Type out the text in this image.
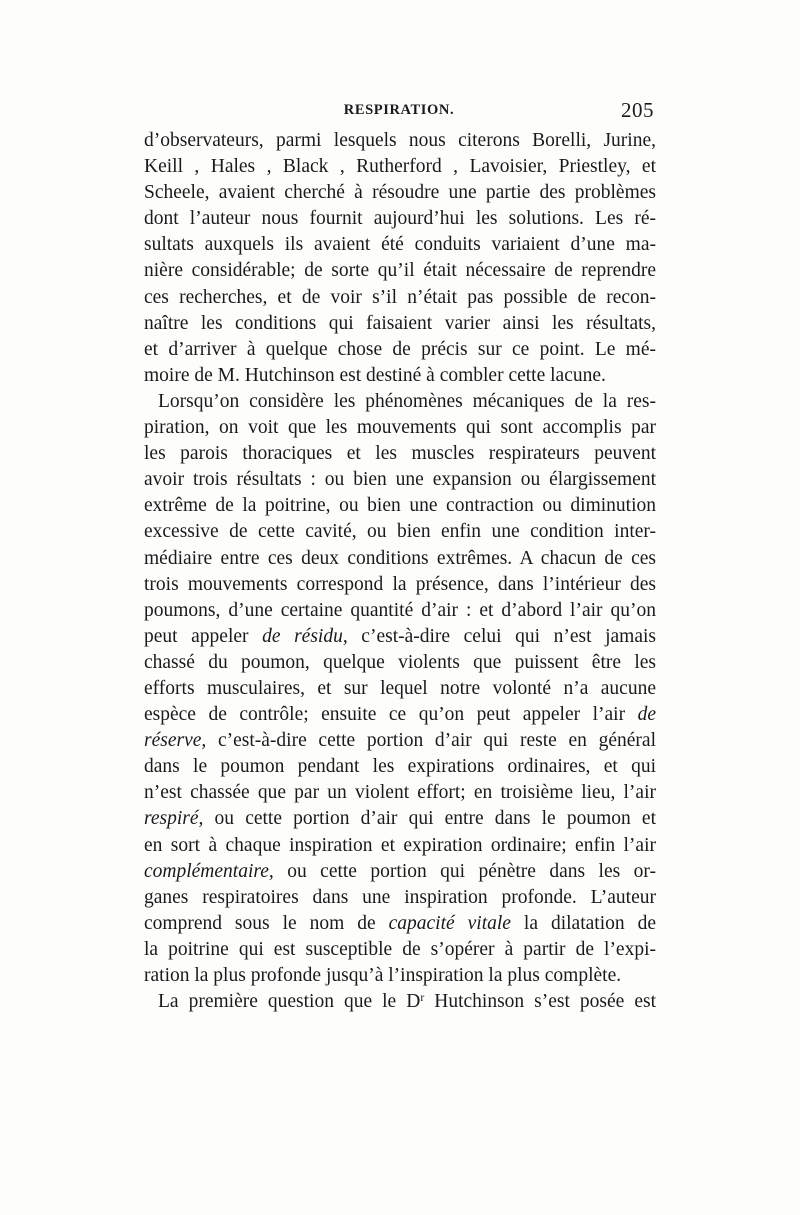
RESPIRATION.	205
d’observateurs, parmi lesquels nous citerons Borelli, Jurine,
Keill , Hales , Black , Rutherford , Lavoisier, Priestley, et
Scheele, avaient cherché à résoudre une partie des problèmes
dont l’auteur nous fournit aujourd’hui les solutions. Les ré-
sultats auxquels ils avaient été conduits variaient d’une ma-
nière considérable; de sorte qu’il était nécessaire de reprendre
ces recherches, et de voir s’il n’était pas possible de recon-
naître les conditions qui faisaient varier ainsi les résultats,
et d’arriver à quelque chose de précis sur ce point. Le mé-
moire de M. Hutchinson est destiné à combler cette lacune.
Lorsqu’on considère les phénomènes mécaniques de la res-
piration, on voit que les mouvements qui sont accomplis par
les parois thoraciques et les muscles respirateurs peuvent
avoir trois résultats : ou bien une expansion ou élargissement
extrême de la poitrine, ou bien une contraction ou diminution
excessive de cette cavité, ou bien enfin une condition inter-
médiaire entre ces deux conditions extrêmes. A chacun de ces
trois mouvements correspond la présence, dans l’intérieur des
poumons, d’une certaine quantité d’air : et d’abord l’air qu’on
peut appeler de résidu, c’est-à-dire celui qui n’est jamais
chassé du poumon, quelque violents que puissent être les
efforts musculaires, et sur lequel notre volonté n’a aucune
espèce de contrôle; ensuite ce qu’on peut appeler l’air de
réserve, c’est-à-dire cette portion d’air qui reste en général
dans le poumon pendant les expirations ordinaires, et qui
n’est chassée que par un violent effort; en troisième lieu, l’air
respiré, ou cette portion d’air qui entre dans le poumon et
en sort à chaque inspiration et expiration ordinaire; enfin l’air
complémentaire, ou cette portion qui pénètre dans les or-
ganes respiratoires dans une inspiration profonde. L’auteur
comprend sous le nom de capacité vitale la dilatation de
la poitrine qui est susceptible de s’opérer à partir de l’expi-
ration la plus profonde jusqu’à l’inspiration la plus complète.
La première question que le $D^r$ Hutchinson s’est posée est
